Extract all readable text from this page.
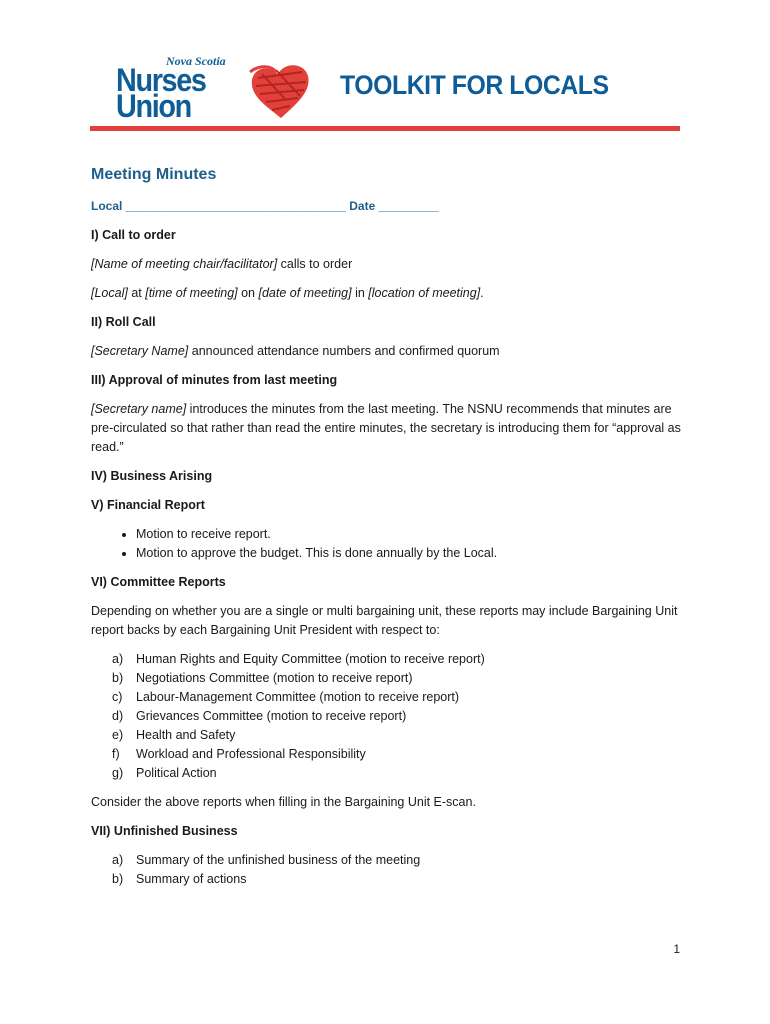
Nova Scotia
Nurses
Union
TOOLKIT FOR LOCALS
Meeting Minutes
Local _________________________________ Date _________
I) Call to order

[Name of meeting chair/facilitator] calls to order

[Local] at [time of meeting] on [date of meeting] in [location of meeting].

II) Roll Call

[Secretary Name] announced attendance numbers and confirmed quorum

III) Approval of minutes from last meeting

[Secretary name] introduces the minutes from the last meeting. The NSNU recommends that minutes are pre-circulated so that rather than read the entire minutes, the secretary is introducing them for “approval as read.”

IV) Business Arising
V) Financial Report
• Motion to receive report.
• Motion to approve the budget. This is done annually by the Local.
VI) Committee Reports

Depending on whether you are a single or multi bargaining unit, these reports may include Bargaining Unit report backs by each Bargaining Unit President with respect to:

a)	Human Rights and Equity Committee (motion to receive report)
b)	Negotiations Committee (motion to receive report)
c)	Labour-Management Committee (motion to receive report)
d)	Grievances Committee (motion to receive report)
e)	Health and Safety
f)	Workload and Professional Responsibility
g)	Political Action

Consider the above reports when filling in the Bargaining Unit E-scan.

VII) Unfinished Business
a)	Summary of the unfinished business of the meeting
b)	Summary of actions
1
